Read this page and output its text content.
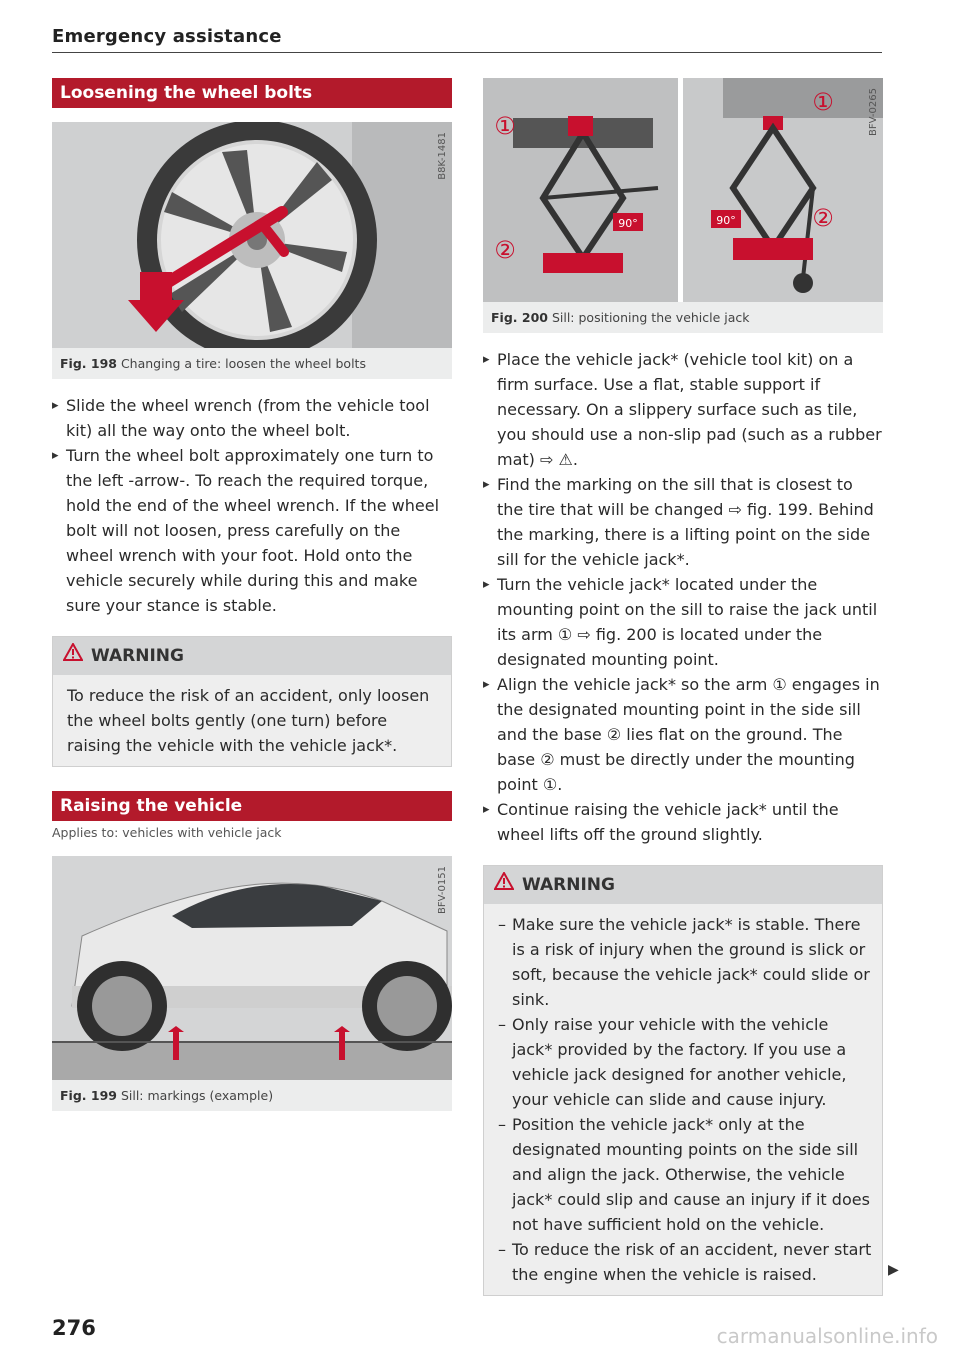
Emergency assistance
Loosening the wheel bolts
B8K-1481
Fig. 198 Changing a tire: loosen the wheel bolts
▸ Slide the wheel wrench (from the vehicle tool kit) all the way onto the wheel bolt.
▸ Turn the wheel bolt approximately one turn to the left -arrow-. To reach the required torque, hold the end of the wheel wrench. If the wheel bolt will not loosen, press carefully on the wheel wrench with your foot. Hold onto the vehicle securely while during this and make sure your stance is stable.
WARNING
To reduce the risk of an accident, only loosen the wheel bolts gently (one turn) before raising the vehicle with the vehicle jack*.
Raising the vehicle
Applies to: vehicles with vehicle jack
BFV-0151
Fig. 199 Sill: markings (example)
90°
①
②
90°
①
②
BFV-0265
Fig. 200 Sill: positioning the vehicle jack
▸ Place the vehicle jack* (vehicle tool kit) on a firm surface. Use a flat, stable support if necessary. On a slippery surface such as tile, you should use a non-slip pad (such as a rubber mat) ⇨ ⚠.
▸ Find the marking on the sill that is closest to the tire that will be changed ⇨ fig. 199. Behind the marking, there is a lifting point on the side sill for the vehicle jack*.
▸ Turn the vehicle jack* located under the mounting point on the sill to raise the jack until its arm ① ⇨ fig. 200 is located under the designated mounting point.
▸ Align the vehicle jack* so the arm ① engages in the designated mounting point in the side sill and the base ② lies flat on the ground. The base ② must be directly under the mounting point ①.
▸ Continue raising the vehicle jack* until the wheel lifts off the ground slightly.
WARNING
– Make sure the vehicle jack* is stable. There is a risk of injury when the ground is slick or soft, because the vehicle jack* could slide or sink.
– Only raise your vehicle with the vehicle jack* provided by the factory. If you use a vehicle jack designed for another vehicle, your vehicle can slide and cause injury.
– Position the vehicle jack* only at the designated mounting points on the side sill and align the jack. Otherwise, the vehicle jack* could slip and cause an injury if it does not have sufficient hold on the vehicle.
– To reduce the risk of an accident, never start the engine when the vehicle is raised.	▶
276	carmanualsonline.info
